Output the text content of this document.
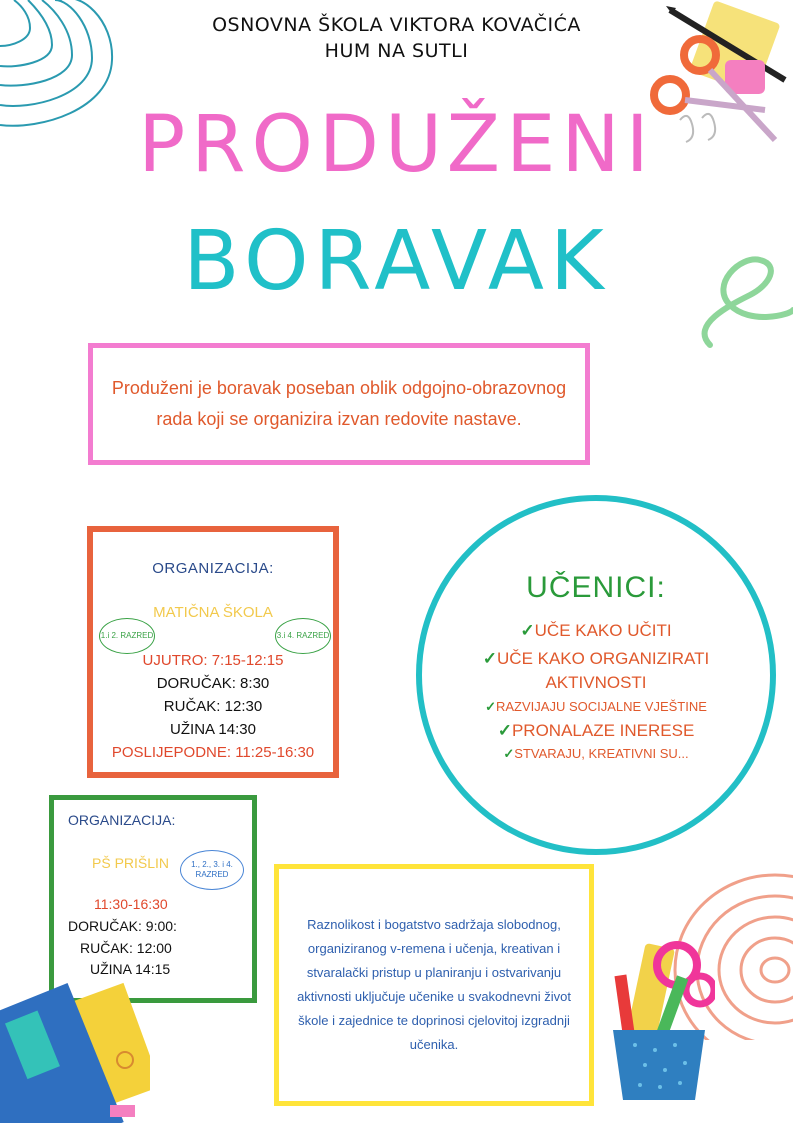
OSNOVNA ŠKOLA VIKTORA KOVAČIĆA
HUM NA SUTLI
PRODUŽENI
BORAVAK
Produženi je boravak poseban oblik odgojno-obrazovnog rada koji se organizira izvan redovite nastave.
ORGANIZACIJA:
MATIČNA ŠKOLA
1.i 2. RAZRED	3.i 4. RAZRED
UJUTRO: 7:15-12:15
DORUČAK: 8:30
RUČAK: 12:30
UŽINA 14:30
POSLIJEPODNE: 11:25-16:30
ORGANIZACIJA:
PŠ PRIŠLIN	1., 2., 3. i 4. RAZRED
11:30-16:30
DORUČAK: 9:00:
RUČAK: 12:00
UŽINA 14:15
UČENICI:
✓UČE KAKO UČITI
✓UČE KAKO ORGANIZIRATI AKTIVNOSTI
✓RAZVIJAJU SOCIJALNE VJEŠTINE
✓PRONALAZE INERESE
✓STVARAJU, KREATIVNI SU...
Raznolikost i bogatstvo sadržaja slobodnog, organiziranog v-remena i učenja, kreativan i stvaralački pristup u planiranju i ostvarivanju aktivnosti uključuje učenike u svakodnevni život škole i zajednice te doprinosi cjelovitoj izgradnji učenika.
